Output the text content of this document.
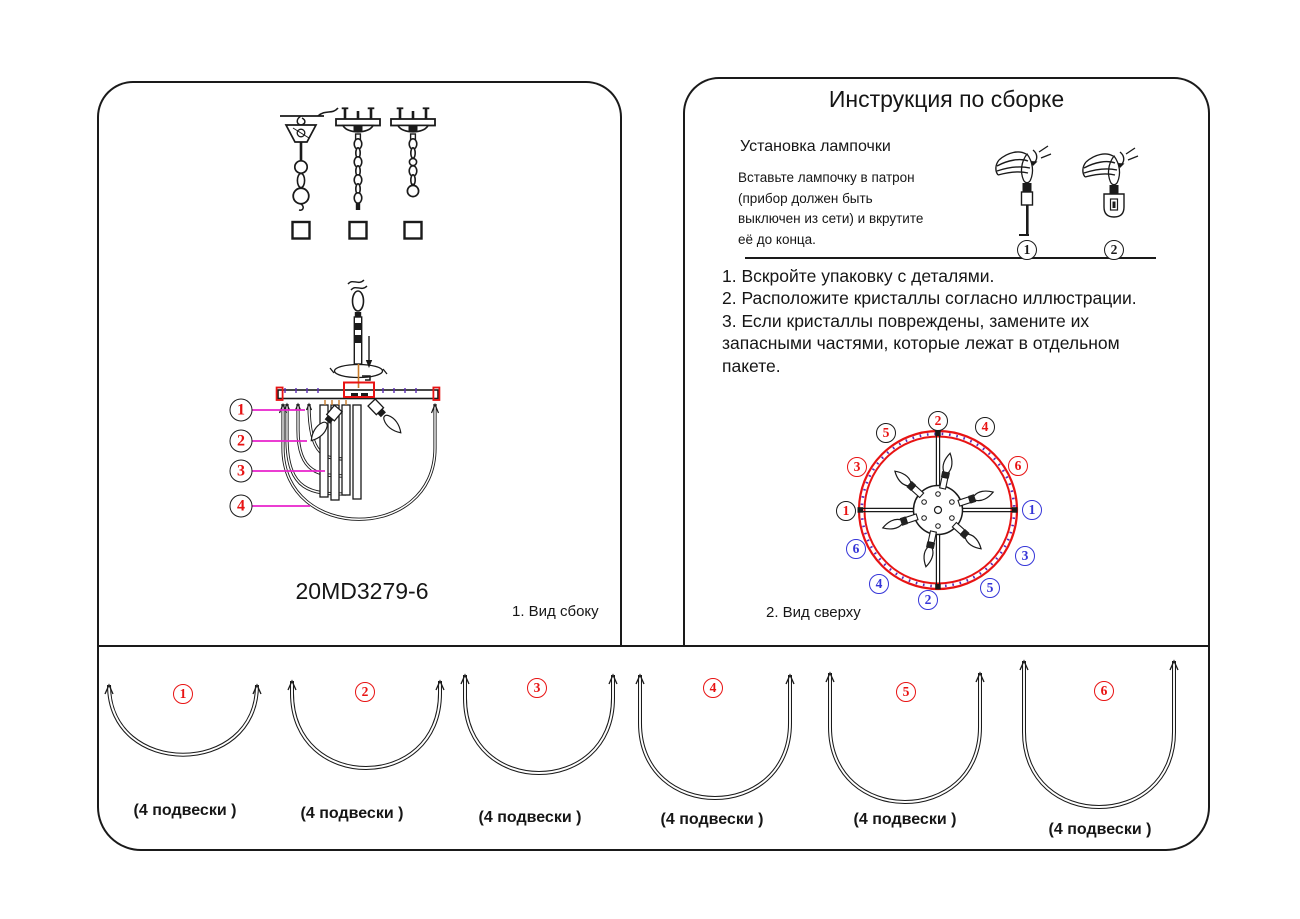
1
2
3
4
20MD3279-6
1. Вид сбоку
Инструкция по сборке
Установка лампочки
Вставьте лампочку в патрон
(прибор должен быть
выключен из сети) и вкрутите
её до конца.
1	2
1. Вскройте упаковку с деталями.
2. Расположите кристаллы согласно иллюстрации.
3. Если кристаллы повреждены, замените их
запасными частями, которые лежат в отдельном
пакете.
2
5	4
3	6
1	1
3
5
2
4
6
2. Вид сверху
1	2	3	4	5	6
(4 подвески )	(4 подвески )	(4 подвески )	(4 подвески )	(4 подвески )
(4 подвески )
